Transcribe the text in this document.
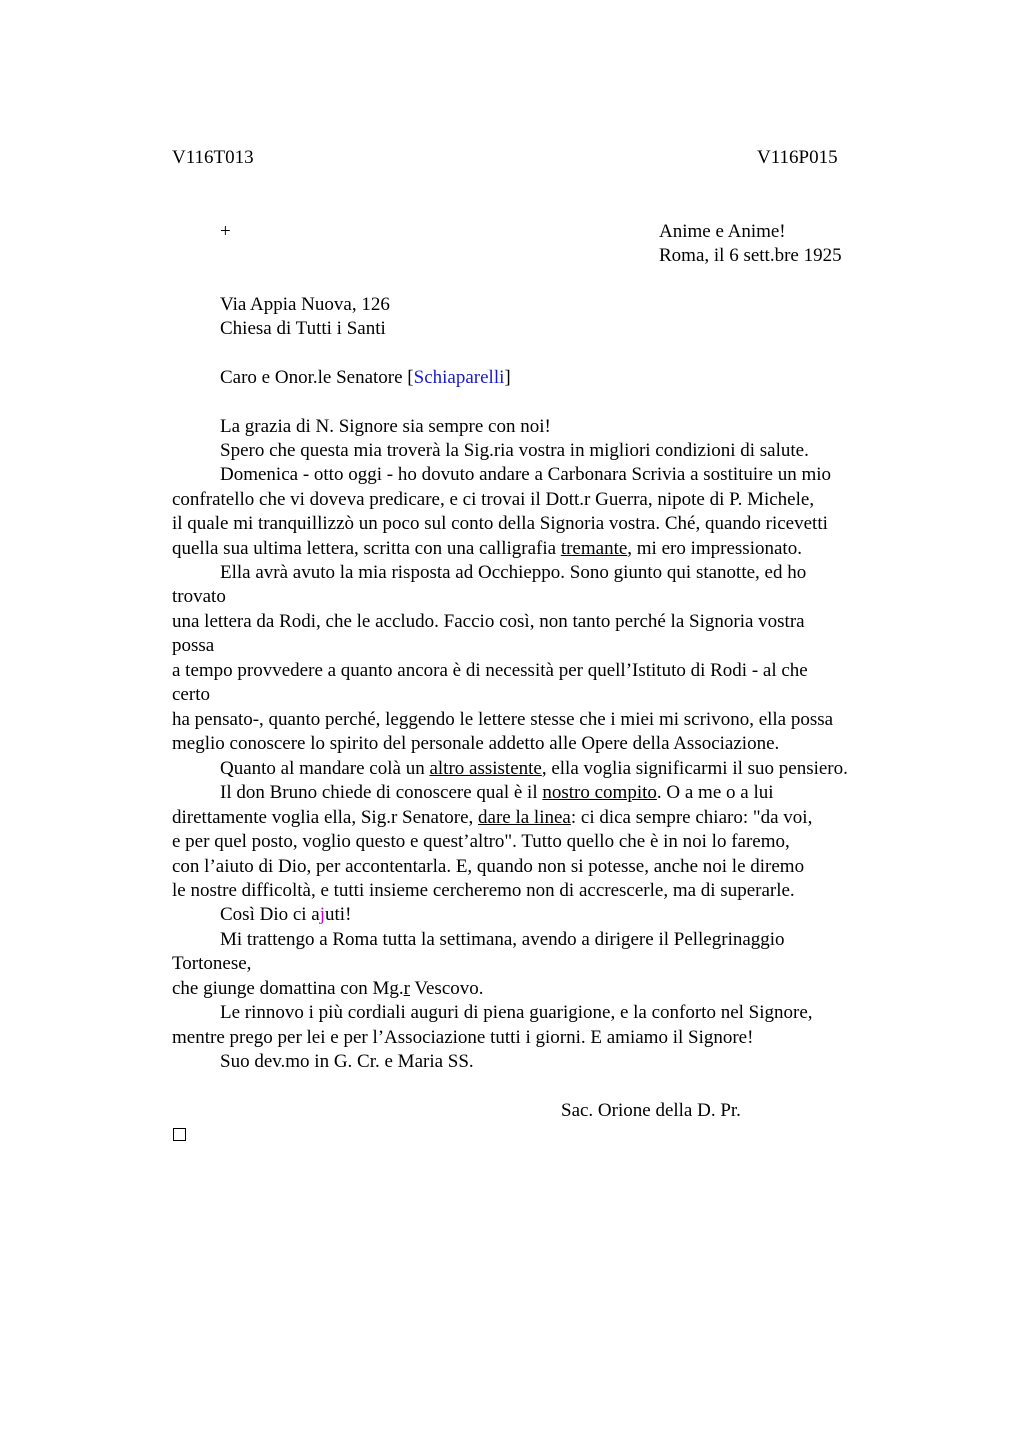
V116T013	V116P015
+	Anime e Anime!
Roma, il 6 sett.bre 1925
Via Appia Nuova, 126
Chiesa di Tutti i Santi
Caro e Onor.le Senatore [Schiaparelli]
La grazia di N. Signore sia sempre con noi!
Spero che questa mia troverà la Sig.ria vostra in migliori condizioni di salute.
Domenica - otto oggi - ho dovuto andare a Carbonara Scrivia a sostituire un mio
confratello che vi doveva predicare, e ci trovai il Dott.r Guerra, nipote di P. Michele,
il quale mi tranquillizzò un poco sul conto della Signoria vostra. Ché, quando ricevetti
quella sua ultima lettera, scritta con una calligrafia tremante, mi ero impressionato.
Ella avrà avuto la mia risposta ad Occhieppo. Sono giunto qui stanotte, ed ho
trovato
una lettera da Rodi, che le accludo. Faccio così, non tanto perché la Signoria vostra
possa
a tempo provvedere a quanto ancora è di necessità per quell’Istituto di Rodi - al che
certo
ha pensato-, quanto perché, leggendo le lettere stesse che i miei mi scrivono, ella possa
meglio conoscere lo spirito del personale addetto alle Opere della Associazione.
Quanto al mandare colà un altro assistente, ella voglia significarmi il suo pensiero.
Il don Bruno chiede di conoscere qual è il nostro compito. O a me o a lui
direttamente voglia ella, Sig.r Senatore, dare la linea: ci dica sempre chiaro: "da voi,
e per quel posto, voglio questo e quest’altro". Tutto quello che è in noi lo faremo,
con l’aiuto di Dio, per accontentarla. E, quando non si potesse, anche noi le diremo
le nostre difficoltà, e tutti insieme cercheremo non di accrescerle, ma di superarle.
Così Dio ci ajuti!
Mi trattengo a Roma tutta la settimana, avendo a dirigere il Pellegrinaggio
Tortonese,
che giunge domattina con Mg.r Vescovo.
Le rinnovo i più cordiali auguri di piena guarigione, e la conforto nel Signore,
mentre prego per lei e per l’Associazione tutti i giorni. E amiamo il Signore!
Suo dev.mo in G. Cr. e Maria SS.
Sac. Orione della D. Pr.
